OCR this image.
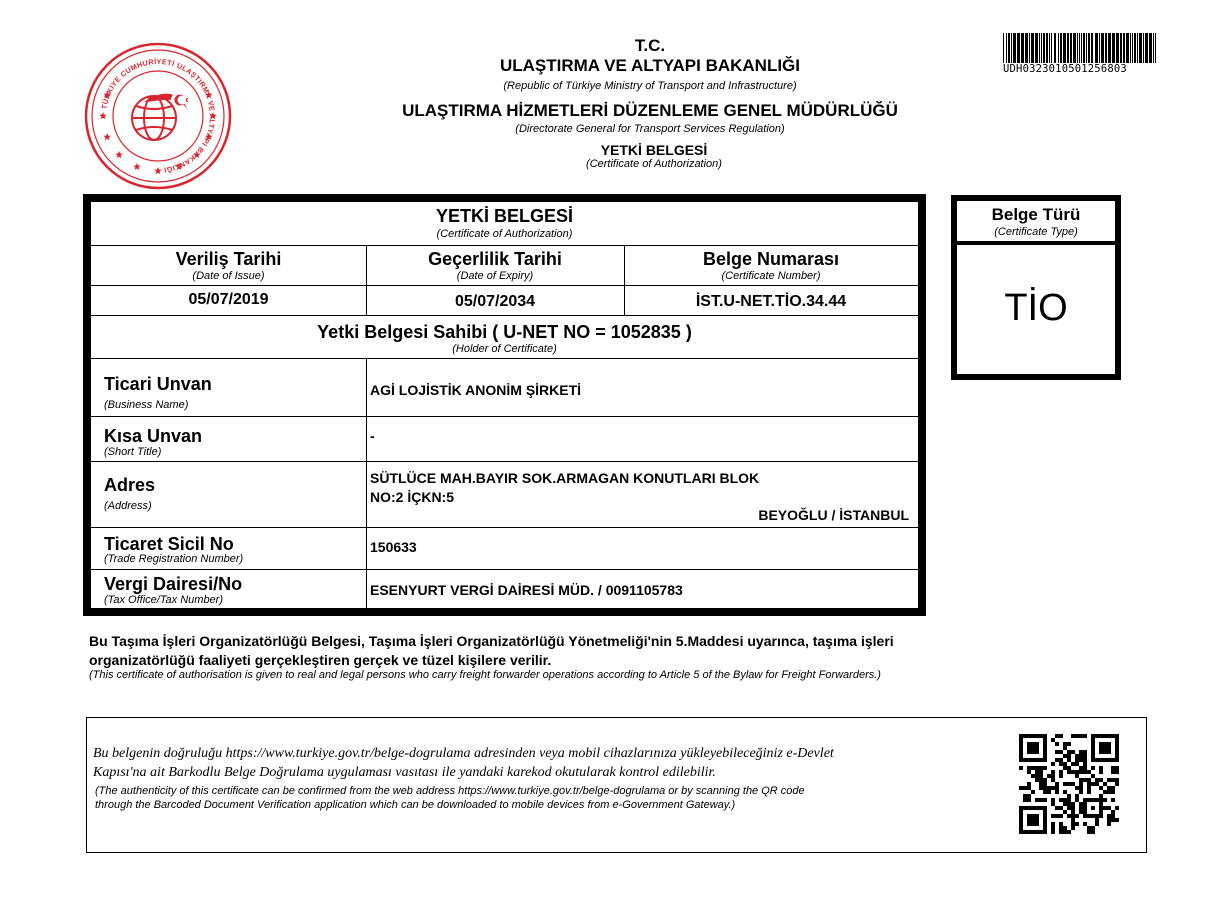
TÜRKİYE CUMHURİYETİ ULAŞTIRMA VE ALTYAPI BAKANLIĞI
T.C.
ULAŞTIRMA VE ALTYAPI BAKANLIĞI
(Republic of Türkiye Ministry of Transport and Infrastructure)
ULAŞTIRMA HİZMETLERİ DÜZENLEME GENEL MÜDÜRLÜĞÜ
(Directorate General for Transport Services Regulation)
YETKİ BELGESİ
(Certificate of Authorization)
UDH0323010501256803
YETKİ BELGESİ
(Certificate of Authorization)
Veriliş Tarihi
(Date of Issue)
Geçerlilik Tarihi
(Date of Expiry)
Belge Numarası
(Certificate Number)
05/07/2019	05/07/2034	İST.U-NET.TİO.34.44
Yetki Belgesi Sahibi ( U-NET NO = 1052835 )
(Holder of Certificate)
Ticari Unvan
(Business Name)
AGİ LOJİSTİK ANONİM ŞİRKETİ
Kısa Unvan
(Short Title)
-
Adres
(Address)
SÜTLÜCE MAH.BAYIR SOK.ARMAGAN KONUTLARI BLOK
NO:2 İÇKN:5
BEYOĞLU / İSTANBUL
Ticaret Sicil No
(Trade Registration Number)
150633
Vergi Dairesi/No
(Tax Office/Tax Number)
ESENYURT VERGİ DAİRESİ MÜD. / 0091105783
Belge Türü
(Certificate Type)
TİO
Bu Taşıma İşleri Organizatörlüğü Belgesi, Taşıma İşleri Organizatörlüğü Yönetmeliği'nin 5.Maddesi uyarınca, taşıma işleri
organizatörlüğü faaliyeti gerçekleştiren gerçek ve tüzel kişilere verilir.
(This certificate of authorisation is given to real and legal persons who carry freight forwarder operations according to Article 5 of the Bylaw for Freight Forwarders.)
Bu belgenin doğruluğu https://www.turkiye.gov.tr/belge-dogrulama adresinden veya mobil cihazlarınıza yükleyebileceğiniz e-Devlet
Kapısı'na ait Barkodlu Belge Doğrulama uygulaması vasıtası ile yandaki karekod okutularak kontrol edilebilir.
(The authenticity of this certificate can be confirmed from the web address https://www.turkiye.gov.tr/belge-dogrulama or by scanning the QR code
through the Barcoded Document Verification application which can be downloaded to mobile devices from e-Government Gateway.)
